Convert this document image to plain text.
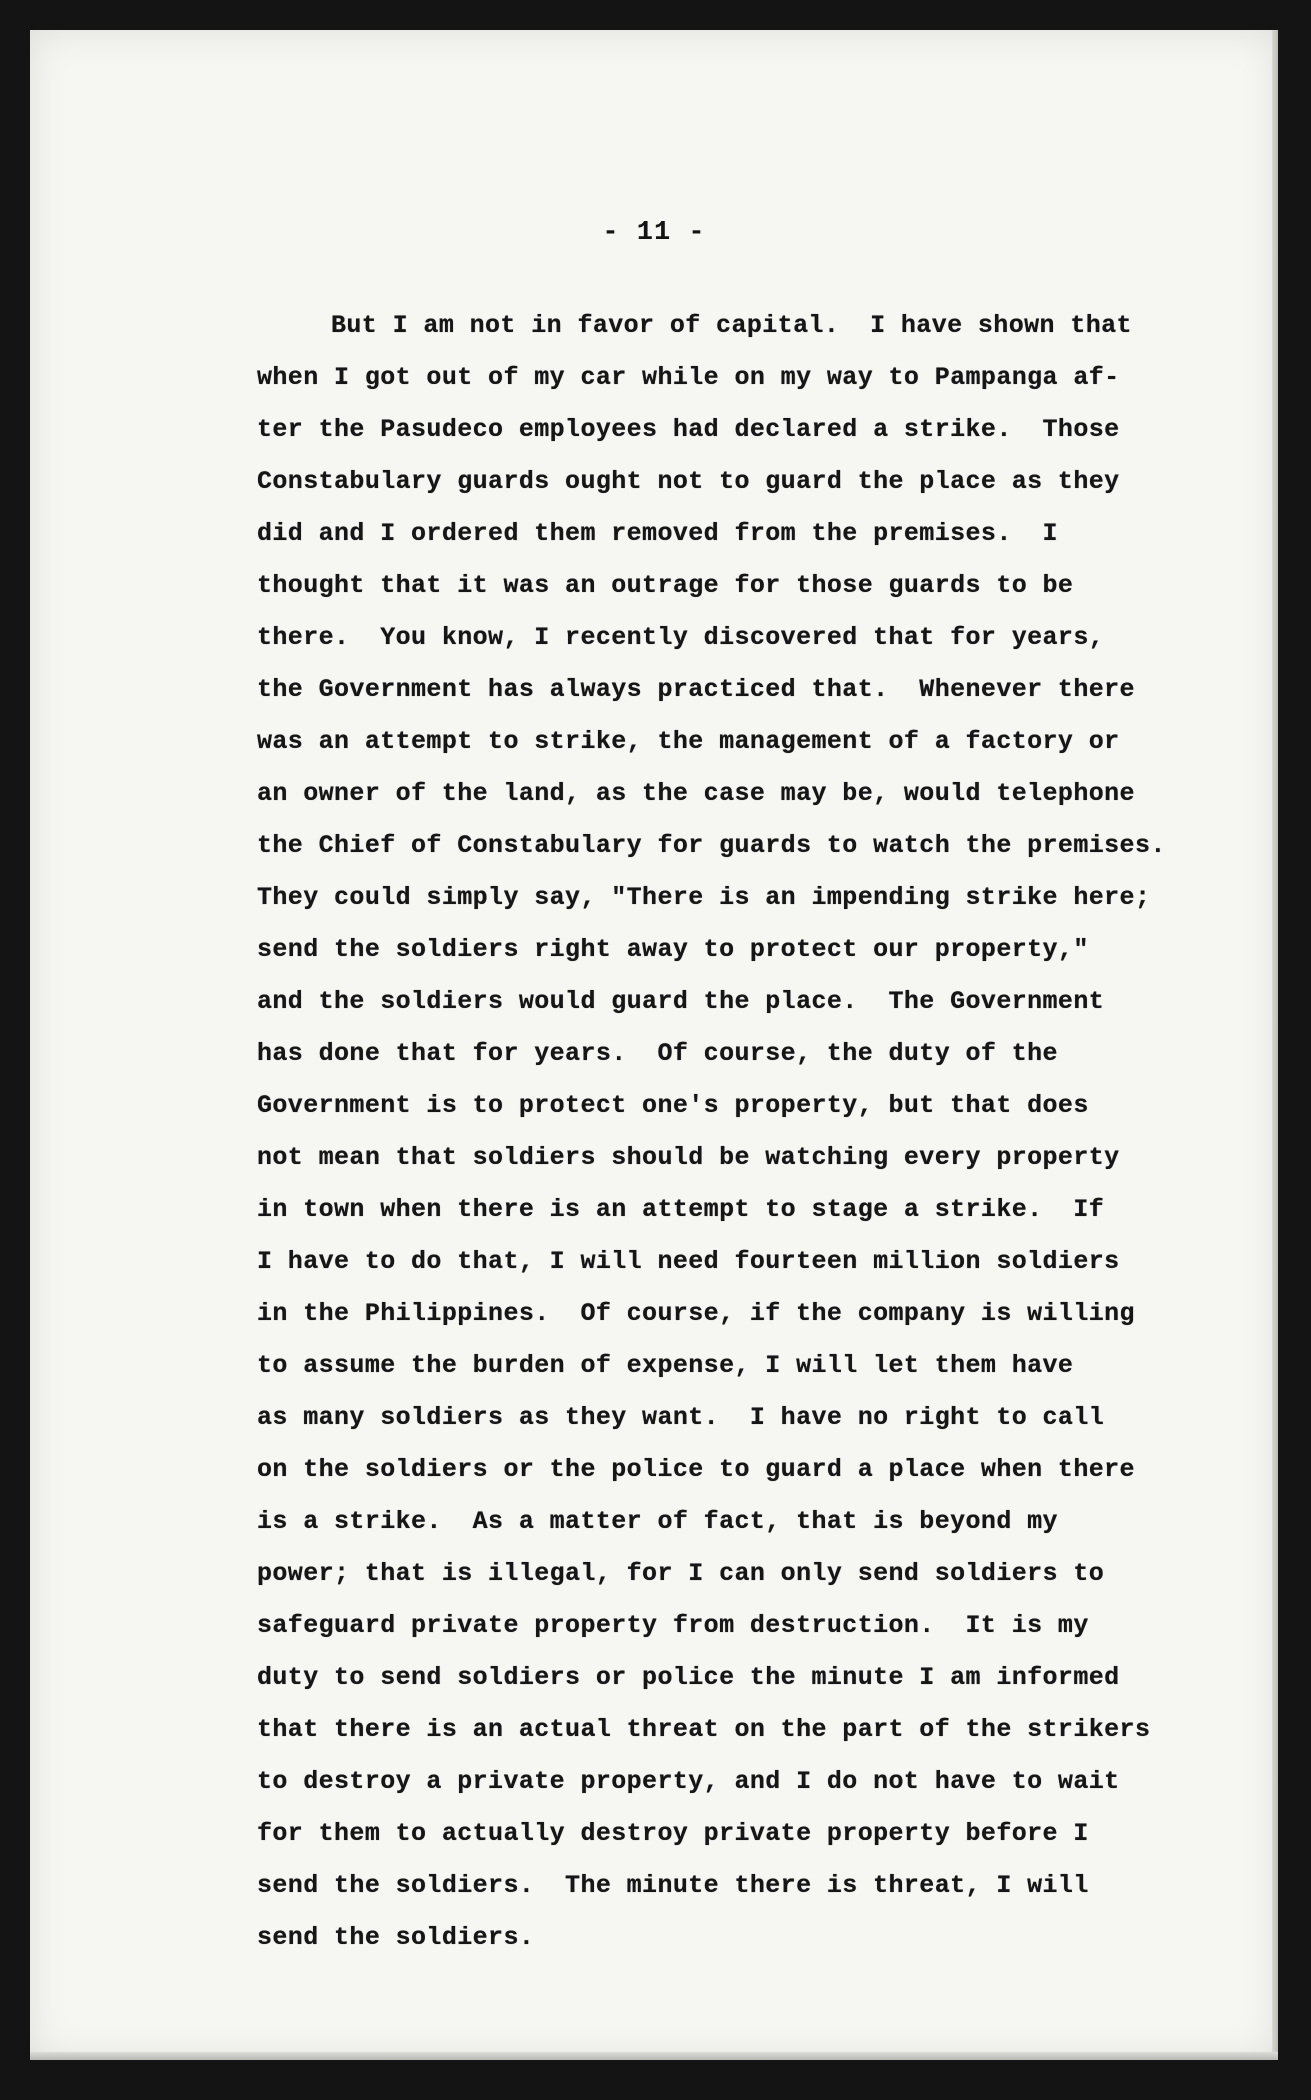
- 11 -
But I am not in favor of capital.  I have shown that
when I got out of my car while on my way to Pampanga af-
ter the Pasudeco employees had declared a strike.  Those
Constabulary guards ought not to guard the place as they
did and I ordered them removed from the premises.  I
thought that it was an outrage for those guards to be
there.  You know, I recently discovered that for years,
the Government has always practiced that.  Whenever there
was an attempt to strike, the management of a factory or
an owner of the land, as the case may be, would telephone
the Chief of Constabulary for guards to watch the premises.
They could simply say, "There is an impending strike here;
send the soldiers right away to protect our property,"
and the soldiers would guard the place.  The Government
has done that for years.  Of course, the duty of the
Government is to protect one's property, but that does
not mean that soldiers should be watching every property
in town when there is an attempt to stage a strike.  If
I have to do that, I will need fourteen million soldiers
in the Philippines.  Of course, if the company is willing
to assume the burden of expense, I will let them have
as many soldiers as they want.  I have no right to call
on the soldiers or the police to guard a place when there
is a strike.  As a matter of fact, that is beyond my
power; that is illegal, for I can only send soldiers to
safeguard private property from destruction.  It is my
duty to send soldiers or police the minute I am informed
that there is an actual threat on the part of the strikers
to destroy a private property, and I do not have to wait
for them to actually destroy private property before I
send the soldiers.  The minute there is threat, I will
send the soldiers.
